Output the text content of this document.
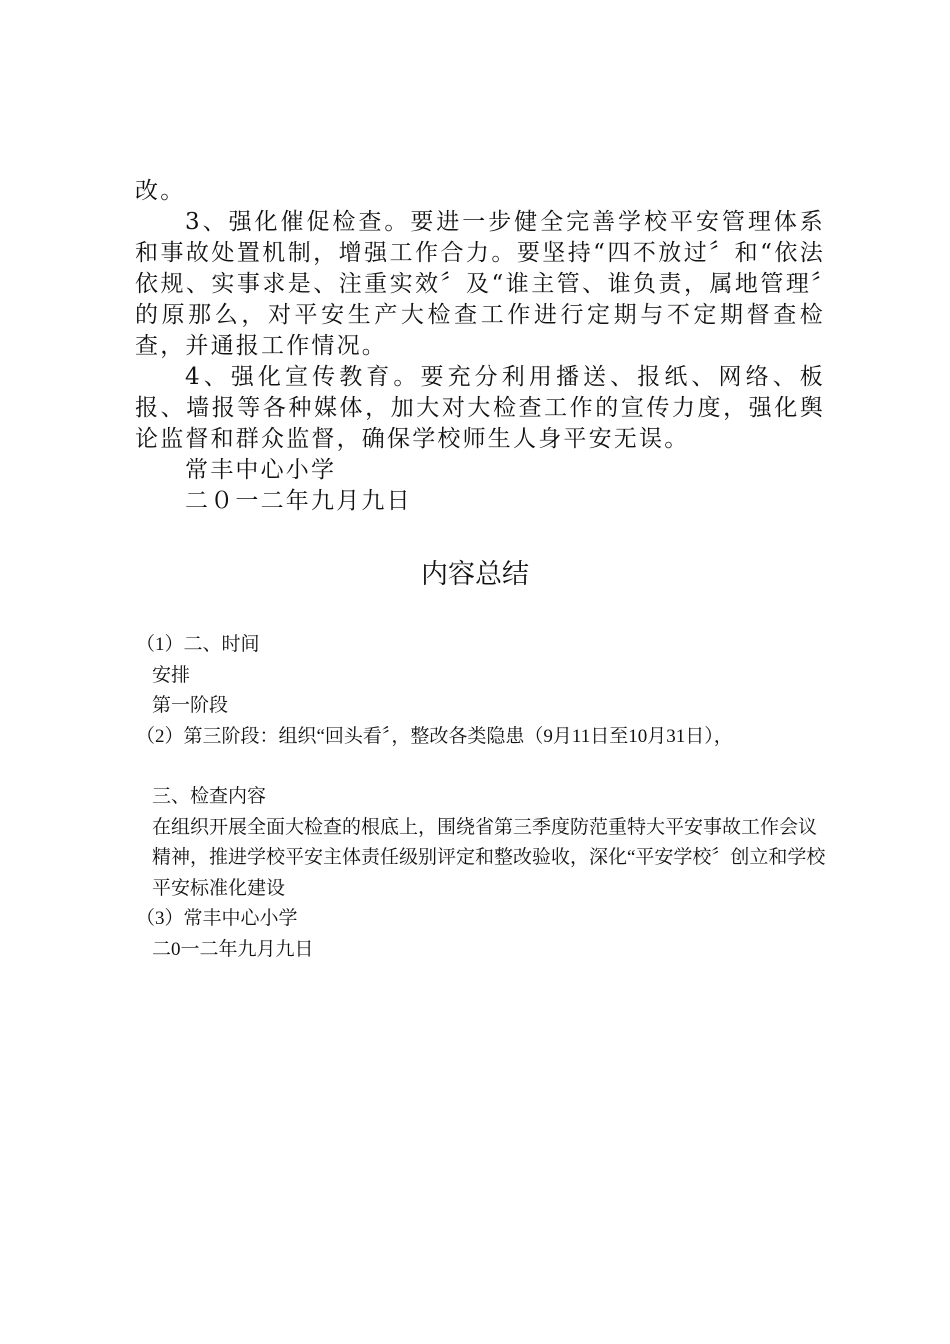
改。

3、强化催促检查。要进一步健全完善学校平安管理体系和事故处置机制，增强工作合力。要坚持“四不放过〞和“依法依规、实事求是、注重实效〞及“谁主管、谁负责，属地管理〞的原那么，对平安生产大检查工作进行定期与不定期督查检查，并通报工作情况。

4、强化宣传教育。要充分利用播送、报纸、网络、板报、墙报等各种媒体，加大对大检查工作的宣传力度，强化舆论监督和群众监督，确保学校师生人身平安无误。

常丰中心小学

二０一二年九月九日

内容总结

（1）二、时间

安排

第一阶段

（2）第三阶段：组织“回头看〞，整改各类隐患（9月11日至10月31日），

三、检查内容

在组织开展全面大检查的根底上，围绕省第三季度防范重特大平安事故工作会议精神，推进学校平安主体责任级别评定和整改验收，深化“平安学校〞创立和学校平安标准化建设

（3）常丰中心小学

二0一二年九月九日
